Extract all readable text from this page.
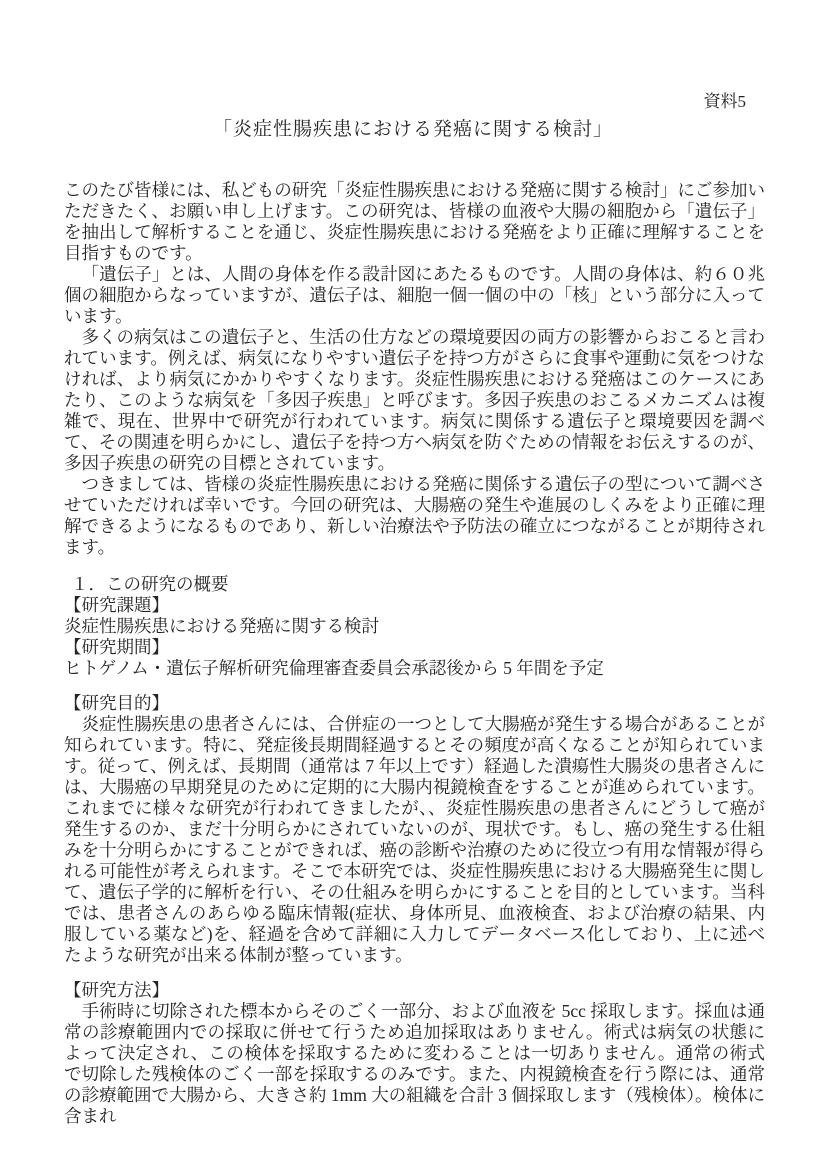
資料5
「炎症性腸疾患における発癌に関する検討」

このたび皆様には、私どもの研究「炎症性腸疾患における発癌に関する検討」にご参加いただきたく、お願い申し上げます。この研究は、皆様の血液や大腸の細胞から「遺伝子」を抽出して解析することを通じ、炎症性腸疾患における発癌をより正確に理解することを目指すものです。

「遺伝子」とは、人間の身体を作る設計図にあたるものです。人間の身体は、約６０兆個の細胞からなっていますが、遺伝子は、細胞一個一個の中の「核」という部分に入っています。

多くの病気はこの遺伝子と、生活の仕方などの環境要因の両方の影響からおこると言われています。例えば、病気になりやすい遺伝子を持つ方がさらに食事や運動に気をつけなければ、より病気にかかりやすくなります。炎症性腸疾患における発癌はこのケースにあたり、このような病気を「多因子疾患」と呼びます。多因子疾患のおこるメカニズムは複雑で、現在、世界中で研究が行われています。病気に関係する遺伝子と環境要因を調べて、その関連を明らかにし、遺伝子を持つ方へ病気を防ぐための情報をお伝えするのが、多因子疾患の研究の目標とされています。

つきましては、皆様の炎症性腸疾患における発癌に関係する遺伝子の型について調べさせていただければ幸いです。今回の研究は、大腸癌の発生や進展のしくみをより正確に理解できるようになるものであり、新しい治療法や予防法の確立につながることが期待されます。

１．この研究の概要

【研究課題】

炎症性腸疾患における発癌に関する検討

【研究期間】

ヒトゲノム・遺伝子解析研究倫理審査委員会承認後から 5 年間を予定

【研究目的】

炎症性腸疾患の患者さんには、合併症の一つとして大腸癌が発生する場合があることが知られています。特に、発症後長期間経過するとその頻度が高くなることが知られています。従って、例えば、長期間（通常は 7 年以上です）経過した潰瘍性大腸炎の患者さんには、大腸癌の早期発見のために定期的に大腸内視鏡検査をすることが進められています。これまでに様々な研究が行われてきましたが、、炎症性腸疾患の患者さんにどうして癌が発生するのか、まだ十分明らかにされていないのが、現状です。もし、癌の発生する仕組みを十分明らかにすることができれば、癌の診断や治療のために役立つ有用な情報が得られる可能性が考えられます。そこで本研究では、炎症性腸疾患における大腸癌発生に関して、遺伝子学的に解析を行い、その仕組みを明らかにすることを目的としています。当科では、患者さんのあらゆる臨床情報(症状、身体所見、血液検査、および治療の結果、内服している薬など)を、経過を含めて詳細に入力してデータベース化しており、上に述べたような研究が出来る体制が整っています。

【研究方法】

手術時に切除された標本からそのごく一部分、および血液を 5cc 採取します。採血は通常の診療範囲内での採取に併せて行うため追加採取はありません。術式は病気の状態によって決定され、この検体を採取するために変わることは一切ありません。通常の術式で切除した残検体のごく一部を採取するのみです。また、内視鏡検査を行う際には、通常の診療範囲で大腸から、大きさ約 1mm 大の組織を合計 3 個採取します（残検体）。検体に含まれ
